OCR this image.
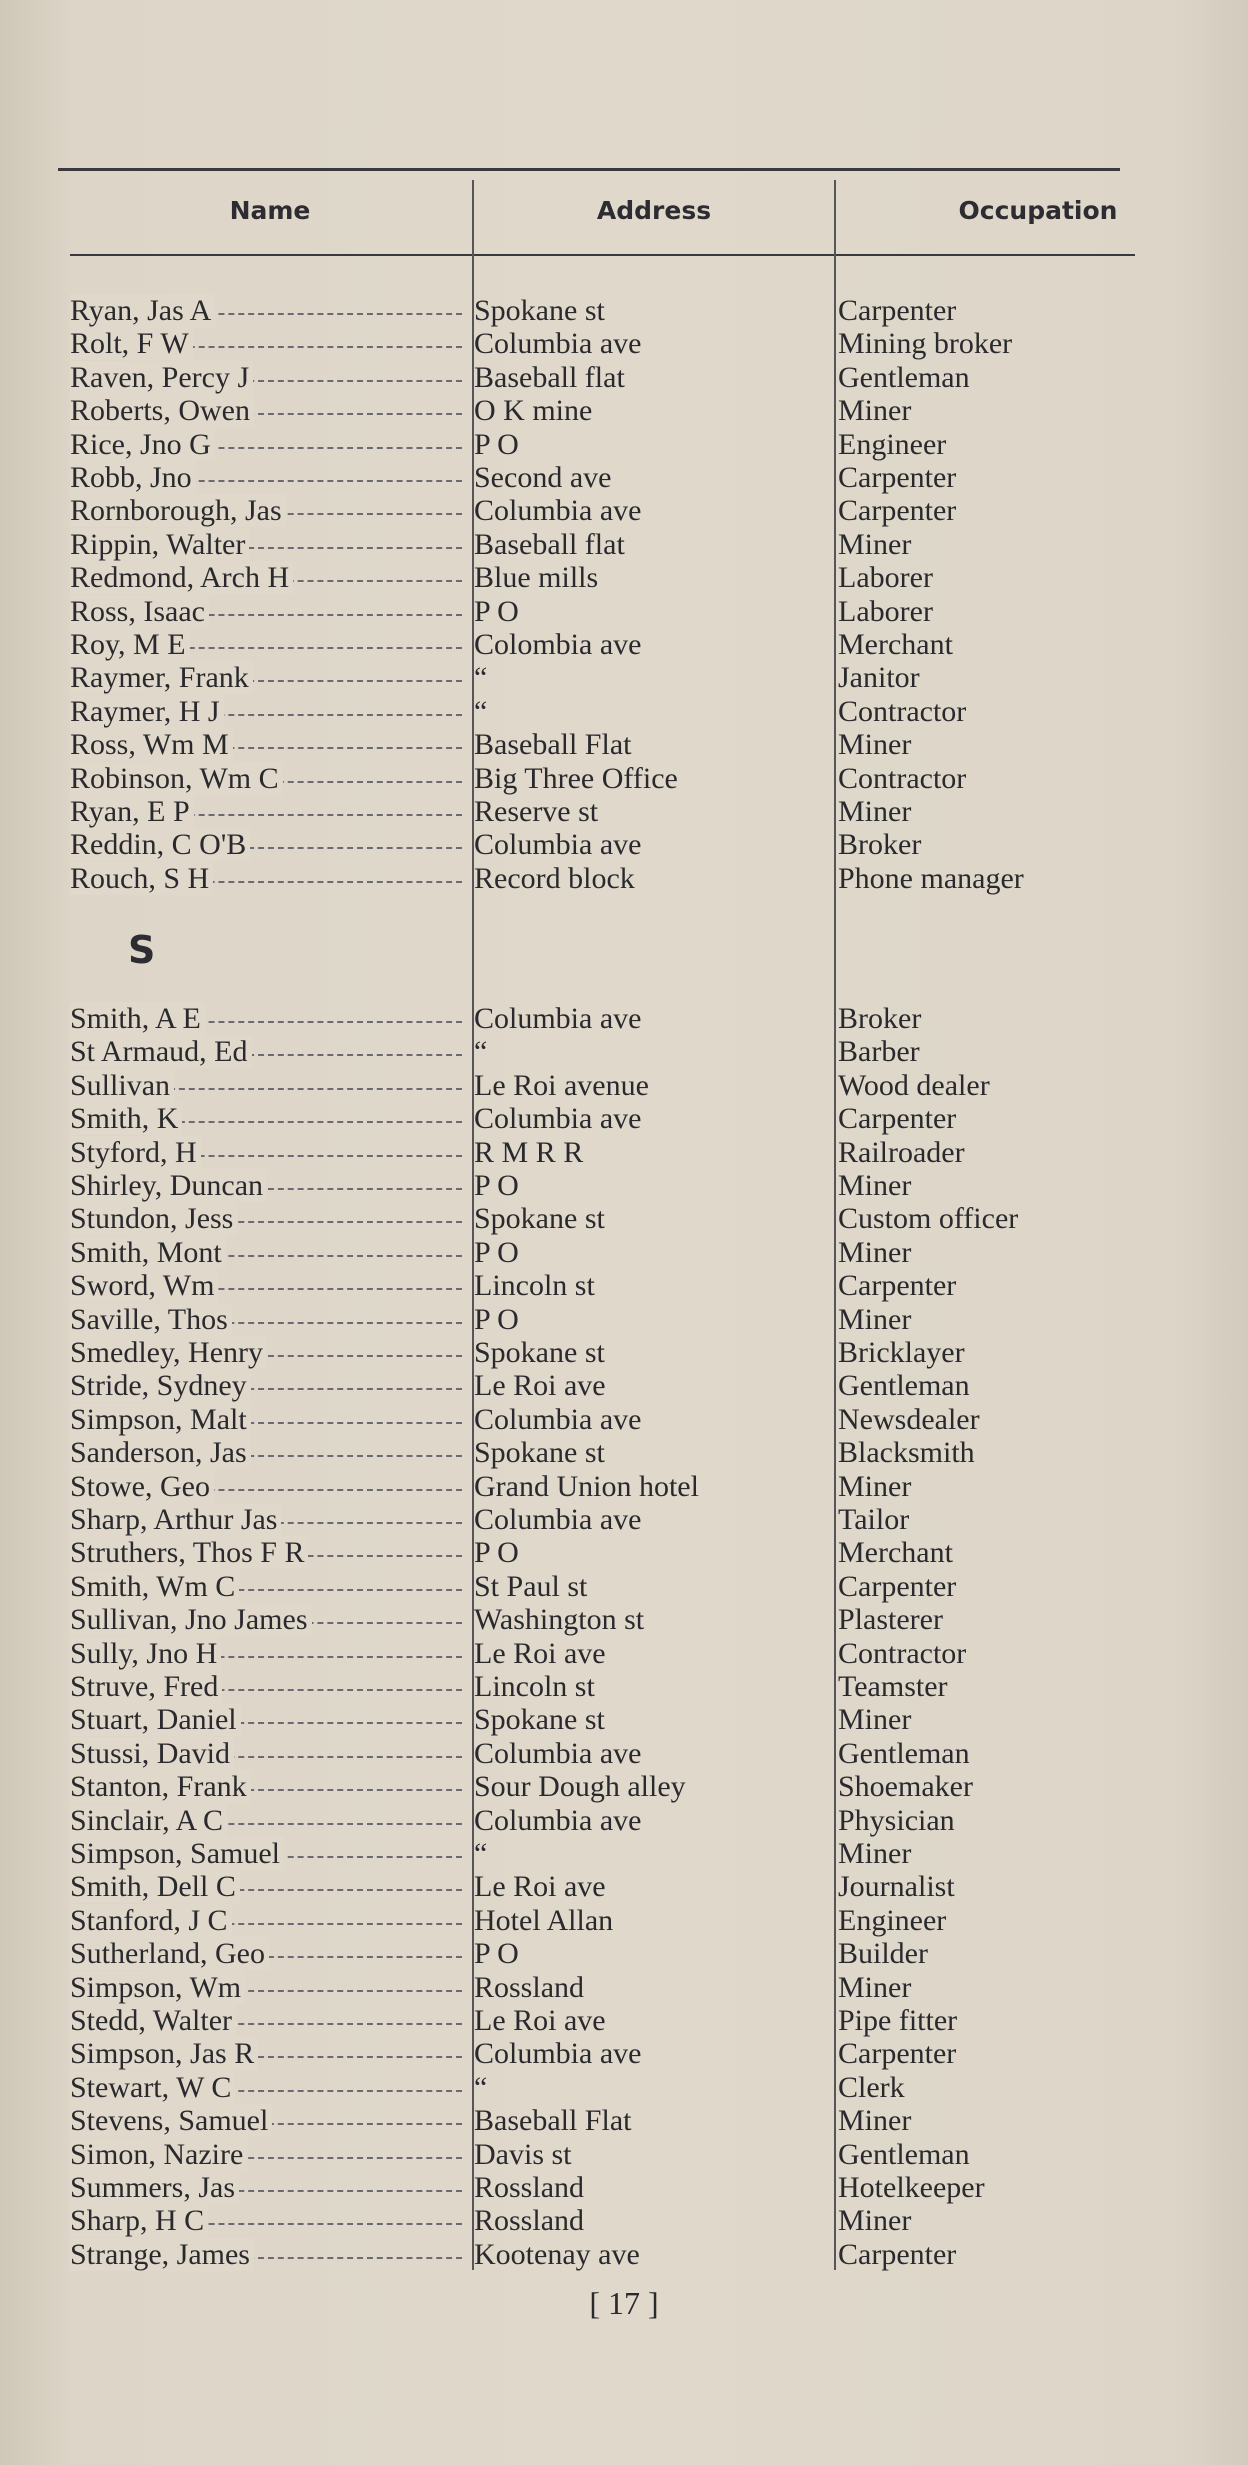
Name	Address	Occupation
Ryan, Jas A	Spokane st	Carpenter
Rolt, F W	Columbia ave	Mining broker
Raven, Percy J	Baseball flat	Gentleman
Roberts, Owen	O K mine	Miner
Rice, Jno G	P O	Engineer
Robb, Jno	Second ave	Carpenter
Rornborough, Jas	Columbia ave	Carpenter
Rippin, Walter	Baseball flat	Miner
Redmond, Arch H	Blue mills	Laborer
Ross, Isaac	P O	Laborer
Roy, M E	Colombia ave	Merchant
Raymer, Frank	“	Janitor
Raymer, H J	“	Contractor
Ross, Wm M	Baseball Flat	Miner
Robinson, Wm C	Big Three Office	Contractor
Ryan, E P	Reserve st	Miner
Reddin, C O'B	Columbia ave	Broker
Rouch, S H	Record block	Phone manager
S
Smith, A E	Columbia ave	Broker
St Armaud, Ed	“	Barber
Sullivan	Le Roi avenue	Wood dealer
Smith, K	Columbia ave	Carpenter
Styford, H	R M R R	Railroader
Shirley, Duncan	P O	Miner
Stundon, Jess	Spokane st	Custom officer
Smith, Mont	P O	Miner
Sword, Wm	Lincoln st	Carpenter
Saville, Thos	P O	Miner
Smedley, Henry	Spokane st	Bricklayer
Stride, Sydney	Le Roi ave	Gentleman
Simpson, Malt	Columbia ave	Newsdealer
Sanderson, Jas	Spokane st	Blacksmith
Stowe, Geo	Grand Union hotel	Miner
Sharp, Arthur Jas	Columbia ave	Tailor
Struthers, Thos F R	P O	Merchant
Smith, Wm C	St Paul st	Carpenter
Sullivan, Jno James	Washington st	Plasterer
Sully, Jno H	Le Roi ave	Contractor
Struve, Fred	Lincoln st	Teamster
Stuart, Daniel	Spokane st	Miner
Stussi, David	Columbia ave	Gentleman
Stanton, Frank	Sour Dough alley	Shoemaker
Sinclair, A C	Columbia ave	Physician
Simpson, Samuel	“	Miner
Smith, Dell C	Le Roi ave	Journalist
Stanford, J C	Hotel Allan	Engineer
Sutherland, Geo	P O	Builder
Simpson, Wm	Rossland	Miner
Stedd, Walter	Le Roi ave	Pipe fitter
Simpson, Jas R	Columbia ave	Carpenter
Stewart, W C	“	Clerk
Stevens, Samuel	Baseball Flat	Miner
Simon, Nazire	Davis st	Gentleman
Summers, Jas	Rossland	Hotelkeeper
Sharp, H C	Rossland	Miner
Strange, James	Kootenay ave	Carpenter
[ 17 ]
